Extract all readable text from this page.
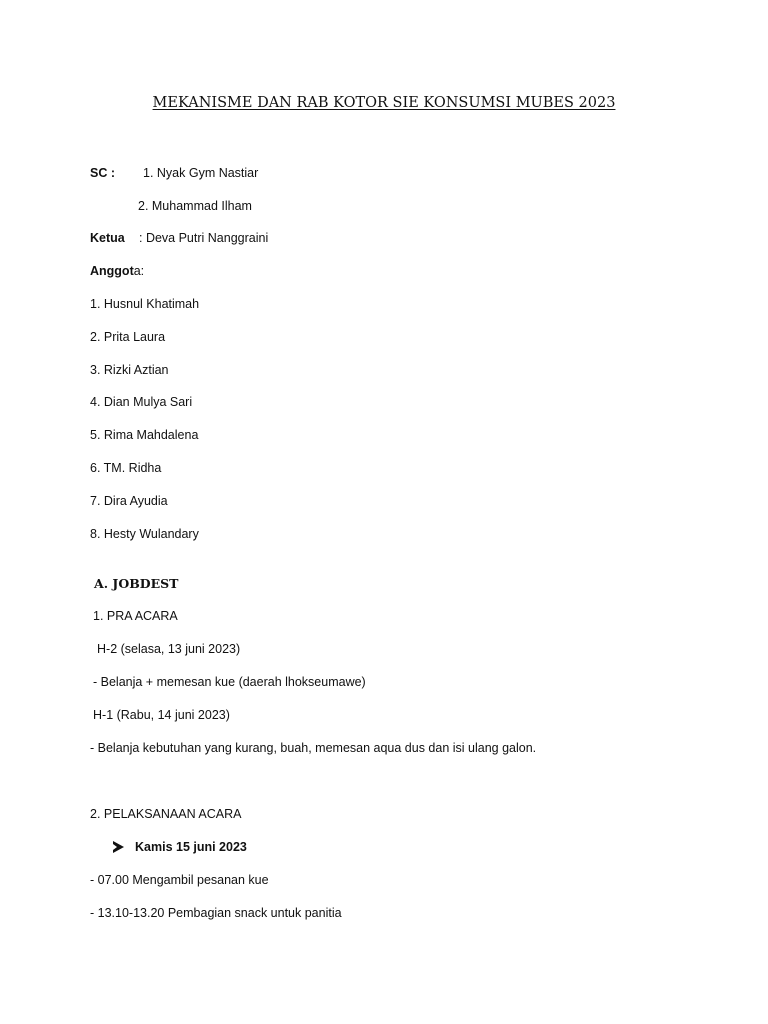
MEKANISME DAN RAB KOTOR SIE KONSUMSI MUBES 2023
SC : 1. Nyak Gym Nastiar
2. Muhammad Ilham
Ketua : Deva Putri Nanggraini
Anggota:
1. Husnul Khatimah
2. Prita Laura
3. Rizki Aztian
4. Dian Mulya Sari
5. Rima Mahdalena
6. TM. Ridha
7. Dira Ayudia
8. Hesty Wulandary
A. JOBDEST
1. PRA ACARA
H-2 (selasa, 13 juni 2023)
- Belanja + memesan kue (daerah lhokseumawe)
H-1 (Rabu, 14 juni 2023)
- Belanja kebutuhan yang kurang, buah, memesan aqua dus dan isi ulang galon.
2. PELAKSANAAN ACARA
Kamis 15 juni 2023
- 07.00 Mengambil pesanan kue
- 13.10-13.20 Pembagian snack untuk panitia
